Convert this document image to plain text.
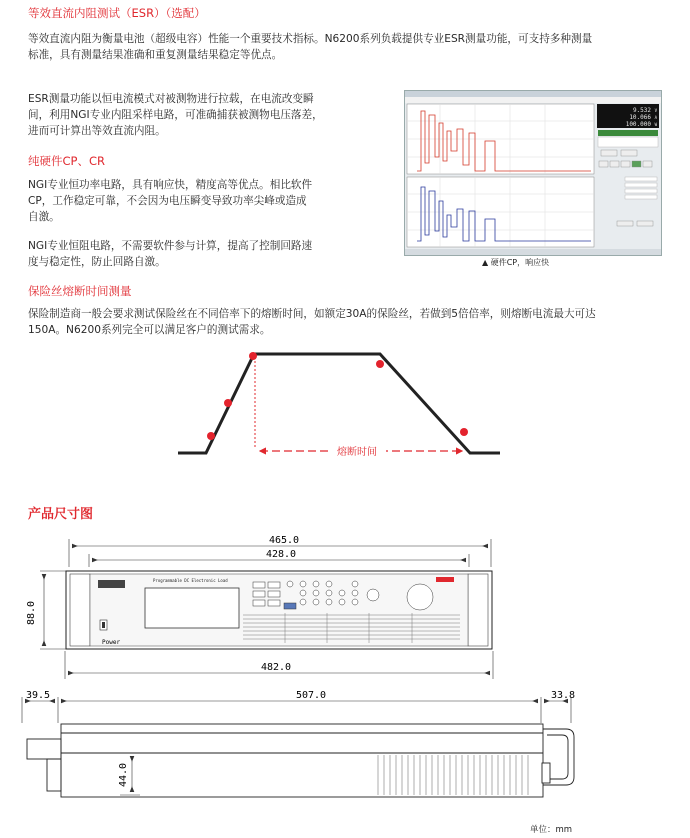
等效直流内阻测试（ESR）（选配）
等效直流内阻为衡量电池（超级电容）性能一个重要技术指标。N6200系列负载提供专业ESR测量功能，可支持多种测量
标准，具有测量结果准确和重复测量结果稳定等优点。
ESR测量功能以恒电流模式对被测物进行拉载，在电流改变瞬
间，利用NGI专业内阻采样电路，可准确捕获被测物电压落差，
进而可计算出等效直流内阻。
纯硬件CP、CR
NGI专业恒功率电路，具有响应快，精度高等优点。相比软件
CP，工作稳定可靠，不会因为电压瞬变导致功率尖峰或造成
自激。
NGI专业恒阻电路，不需要软件参与计算，提高了控制回路速
度与稳定性，防止回路自激。
9.532 V
10.066 A
100.000 W
▲ 硬件CP，响应快
保险丝熔断时间测量
保险制造商一般会要求测试保险丝在不同倍率下的熔断时间，如额定30A的保险丝，若做到5倍倍率，则熔断电流最大可达
150A。N6200系列完全可以满足客户的测试需求。
熔断时间
产品尺寸图
465.0
428.0
88.0
482.0
Programmable DC Electronic Load
Power
39.5	507.0	33.8
44.0
单位：mm
